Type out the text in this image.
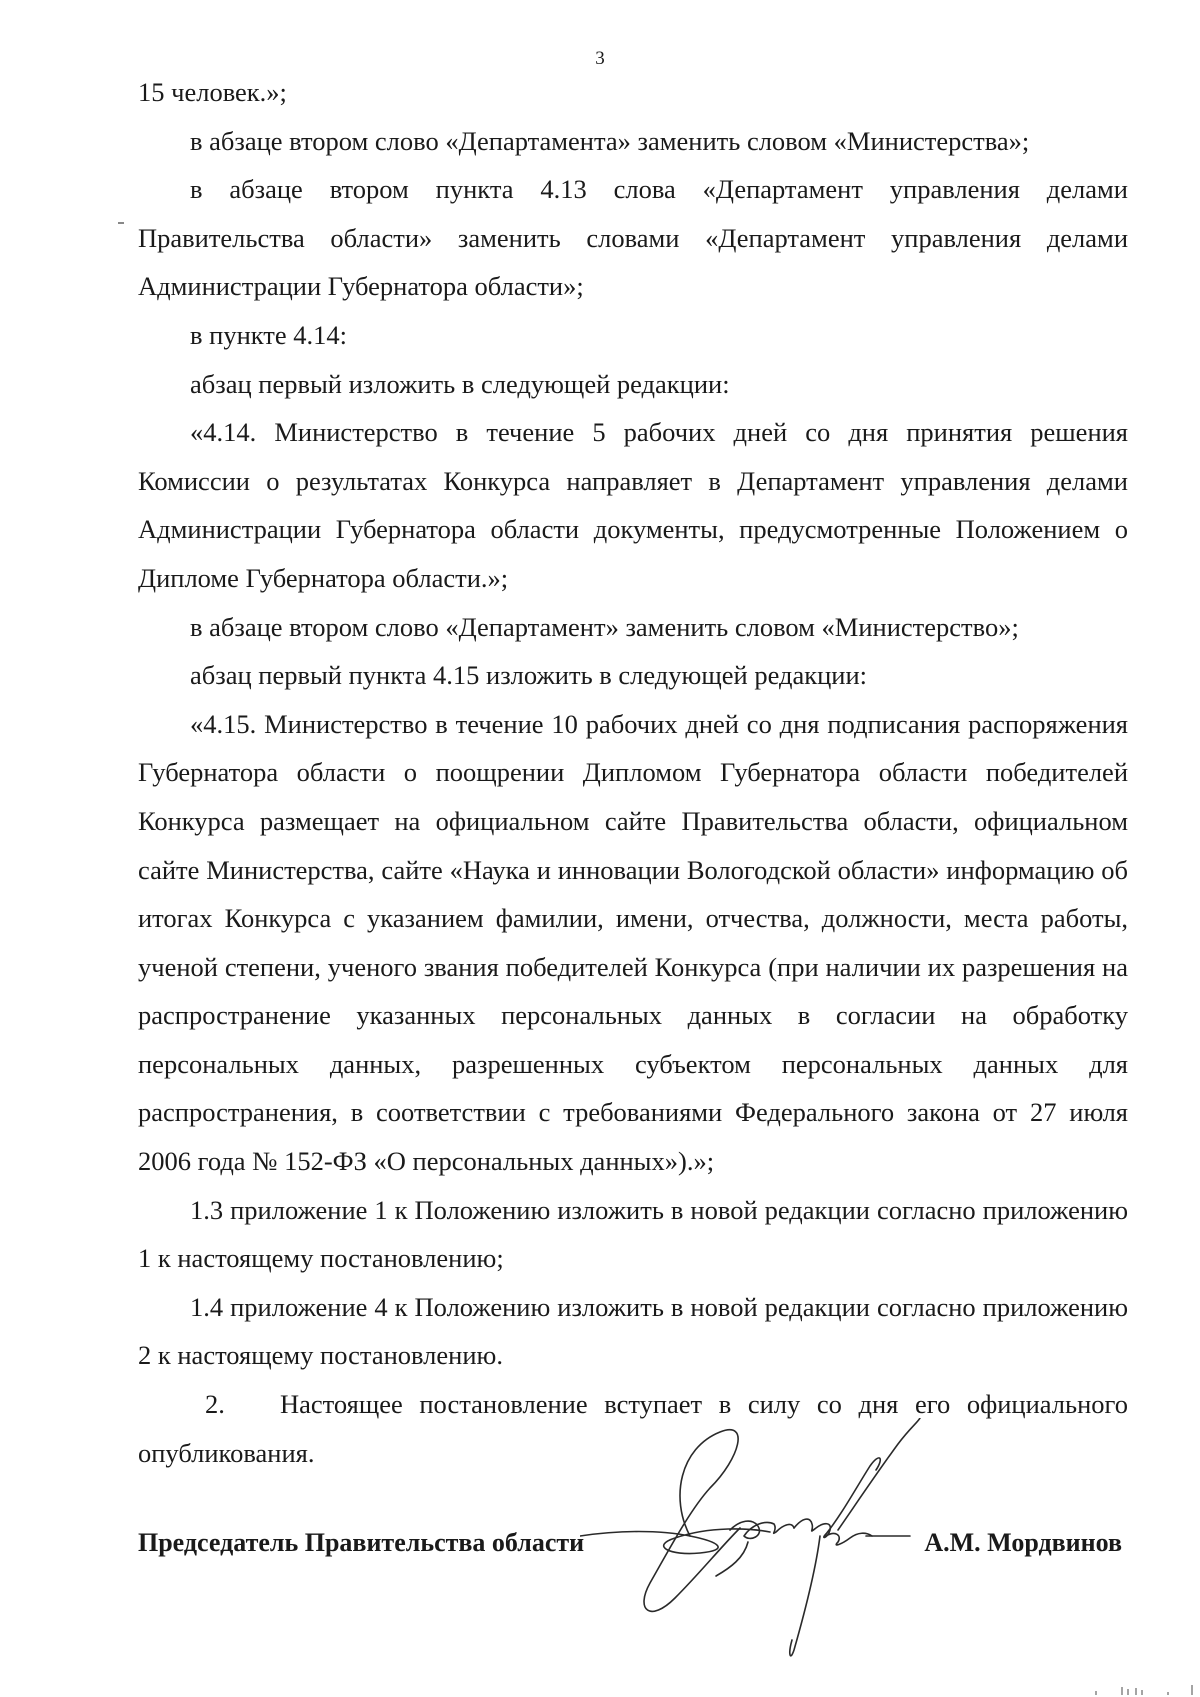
3

15 человек.»;

в абзаце втором слово «Департамента» заменить словом «Министерства»;

в абзаце втором пункта 4.13 слова «Департамент управления делами Правительства области» заменить словами «Департамент управления делами Администрации Губернатора области»;

в пункте 4.14:

абзац первый изложить в следующей редакции:

«4.14. Министерство в течение 5 рабочих дней со дня принятия решения Комиссии о результатах Конкурса направляет в Департамент управления делами Администрации Губернатора области документы, предусмотренные Положением о Дипломе Губернатора области.»;

в абзаце втором слово «Департамент» заменить словом «Министерство»;

абзац первый пункта 4.15 изложить в следующей редакции:

«4.15. Министерство в течение 10 рабочих дней со дня подписания распоряжения Губернатора области о поощрении Дипломом Губернатора области победителей Конкурса размещает на официальном сайте Правительства области, официальном сайте Министерства, сайте «Наука и инновации Вологодской области» информацию об итогах Конкурса с указанием фамилии, имени, отчества, должности, места работы, ученой степени, ученого звания победителей Конкурса (при наличии их разрешения на распространение указанных персональных данных в согласии на обработку персональных данных, разрешенных субъектом персональных данных для распространения, в соответствии с требованиями Федерального закона от 27 июля 2006 года № 152-ФЗ «О персональных данных»).»;

1.3 приложение 1 к Положению изложить в новой редакции согласно приложению 1 к настоящему постановлению;

1.4 приложение 4 к Положению изложить в новой редакции согласно приложению 2 к настоящему постановлению.

2. Настоящее постановление вступает в силу со дня его официального опубликования.

Председатель Правительства области	А.М. Мордвинов
